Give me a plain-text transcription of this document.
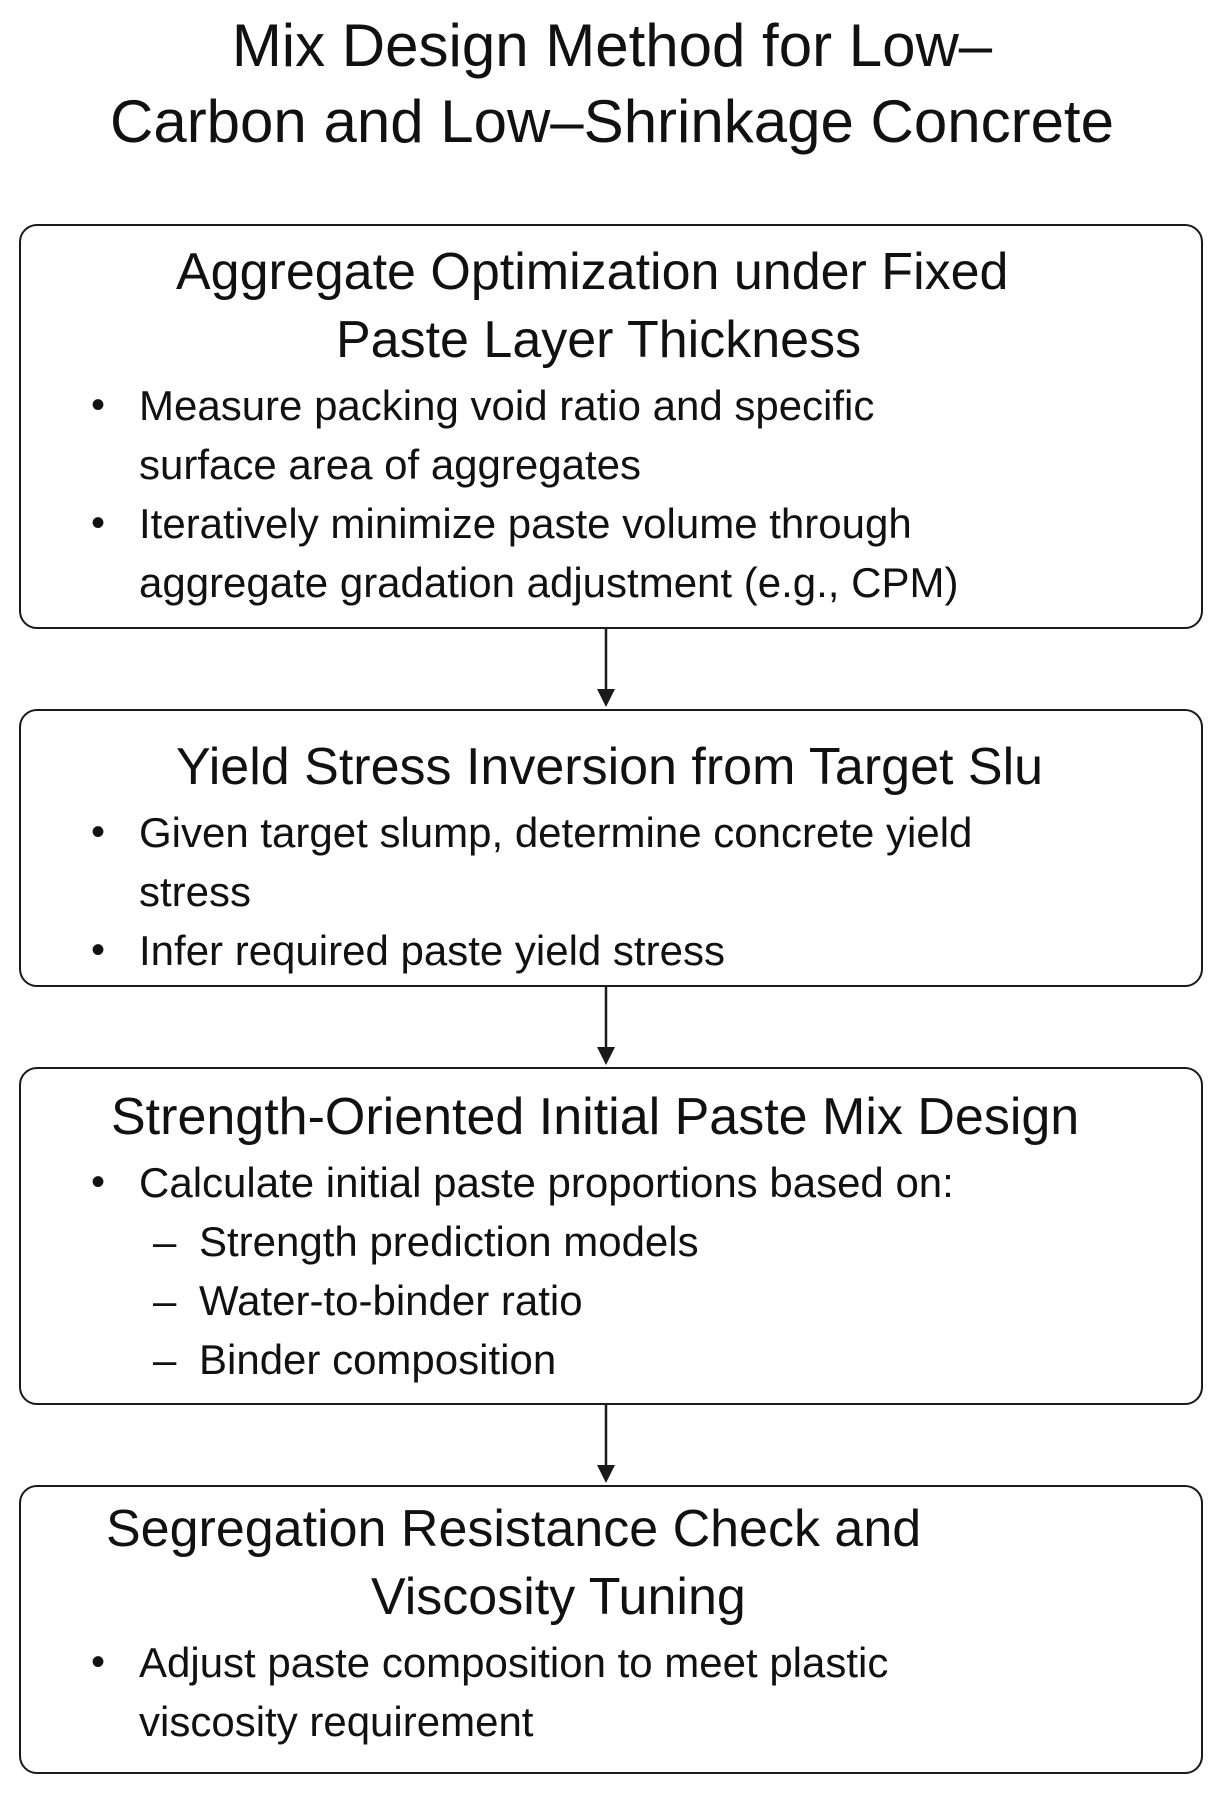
Mix Design Method for Low–
Carbon and Low–Shrinkage Concrete
Aggregate Optimization under Fixed
Paste Layer Thickness
• Measure packing void ratio and specific
surface area of aggregates
• Iteratively minimize paste volume through
aggregate gradation adjustment (e.g., CPM)
Yield Stress Inversion from Target Slu
• Given target slump, determine concrete yield
stress
• Infer required paste yield stress
Strength-Oriented Initial Paste Mix Design
• Calculate initial paste proportions based on:
– Strength prediction models
– Water-to-binder ratio
– Binder composition
Segregation Resistance Check and
Viscosity Tuning
• Adjust paste composition to meet plastic
viscosity requirement
